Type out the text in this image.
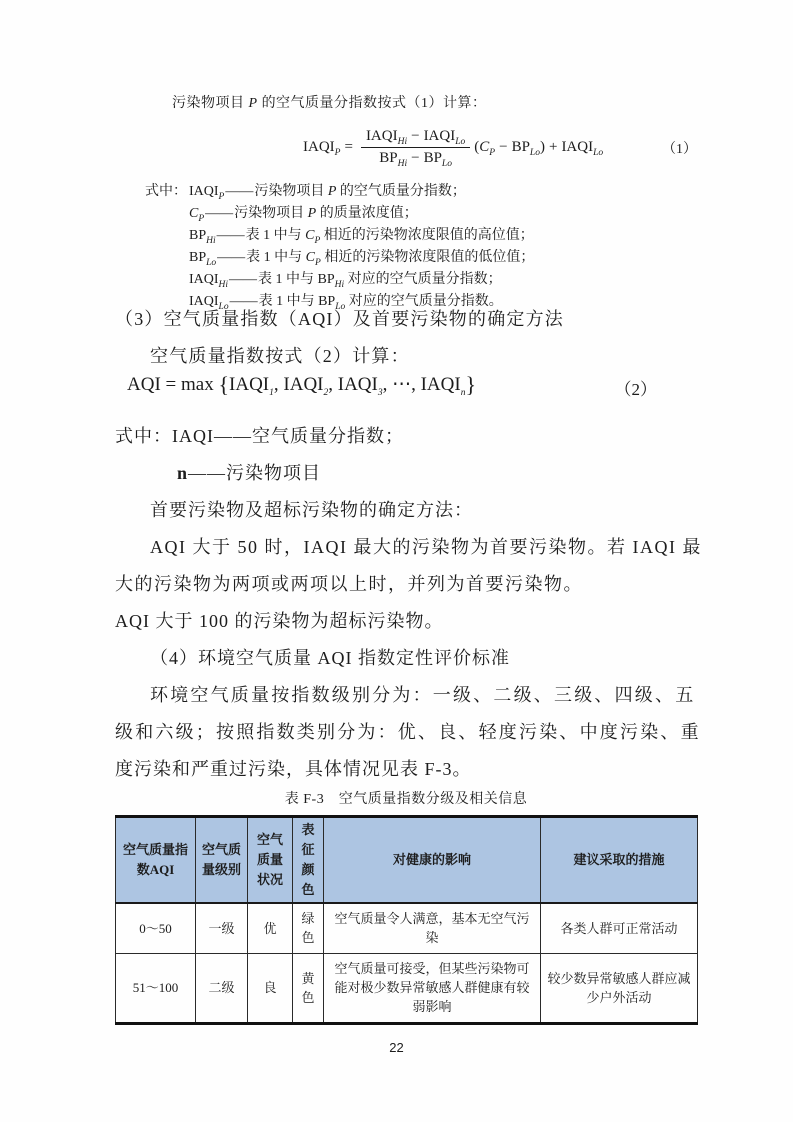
污染物项目 P 的空气质量分指数按式（1）计算：
$IAQI_P = \frac{IAQI_{Hi} - IAQI_{Lo}}{BP_{Hi} - BP_{Lo}} (C_P - BP_{Lo})$ + $IAQI_{Lo}$	（1）
式中： $IAQI_P——$污染物项目 P 的空气质量分指数；
$C_P——$污染物项目 P 的质量浓度值；
$BP_{Hi}——$表 1 中与 $C_P$ 相近的污染物浓度限值的高位值；
$BP_{Lo}——$表 1 中与 $C_P$ 相近的污染物浓度限值的低位值；
$IAQI_{Hi}——$表 1 中与 $BP_{Hi}$ 对应的空气质量分指数；
$IAQI_{Lo}——$表 1 中与 $BP_{Lo}$ 对应的空气质量分指数。
（3）空气质量指数（AQI）及首要污染物的确定方法
空气质量指数按式（2）计算：
AQI = $\max \{IAQI_1$, $IAQI_2$, $IAQI_3$, ⋯, $IAQI_n$}	（2）
式中：IAQI——空气质量分指数；
n——污染物项目
首要污染物及超标污染物的确定方法：
AQI 大于 50 时，IAQI 最大的污染物为首要污染物。若 IAQI 最
大的污染物为两项或两项以上时，并列为首要污染物。
AQI 大于 100 的污染物为超标污染物。
（4）环境空气质量 AQI 指数定性评价标准
环境空气质量按指数级别分为：一级、二级、三级、四级、五
级和六级；按照指数类别分为：优、良、轻度污染、中度污染、重
度污染和严重过污染，具体情况见表 F-3。
表 F-3　空气质量指数分级及相关信息
空气质量指数AQI	空气质量级别	空气质量状况	表征颜色	对健康的影响	建议采取的措施
0～50	一级	优	绿色	空气质量令人满意，基本无空气污染	各类人群可正常活动
51～100	二级	良	黄色	空气质量可接受，但某些污染物可能对极少数异常敏感人群健康有较弱影响	较少数异常敏感人群应减少户外活动
22
